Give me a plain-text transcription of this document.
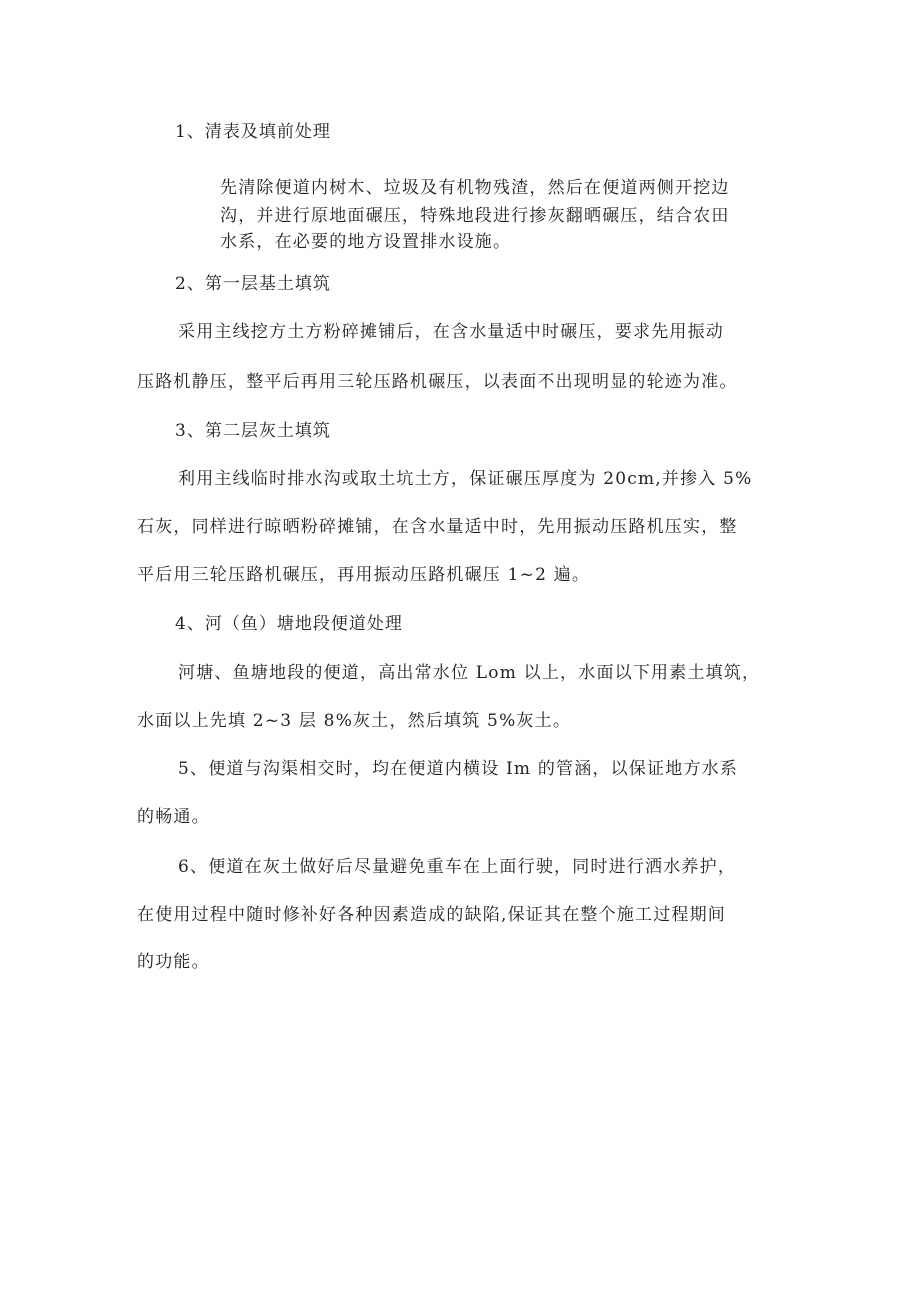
1、清表及填前处理
先清除便道内树木、垃圾及有机物残渣，然后在便道两侧开挖边
沟，并进行原地面碾压，特殊地段进行掺灰翻晒碾压，结合农田
水系，在必要的地方设置排水设施。
2、第一层基土填筑
采用主线挖方土方粉碎摊铺后，在含水量适中时碾压，要求先用振动
压路机静压，整平后再用三轮压路机碾压，以表面不出现明显的轮迹为准。
3、第二层灰土填筑
利用主线临时排水沟或取土坑土方，保证碾压厚度为 20cm,并掺入 5%
石灰，同样进行晾晒粉碎摊铺，在含水量适中时，先用振动压路机压实，整
平后用三轮压路机碾压，再用振动压路机碾压 1~2 遍。
4、河（鱼）塘地段便道处理
河塘、鱼塘地段的便道，高出常水位 Lom 以上，水面以下用素土填筑，
水面以上先填 2~3 层 8%灰土，然后填筑 5%灰土。
5、便道与沟渠相交时，均在便道内横设 Im 的管涵，以保证地方水系
的畅通。
6、便道在灰土做好后尽量避免重车在上面行驶，同时进行洒水养护，
在使用过程中随时修补好各种因素造成的缺陷,保证其在整个施工过程期间
的功能。
